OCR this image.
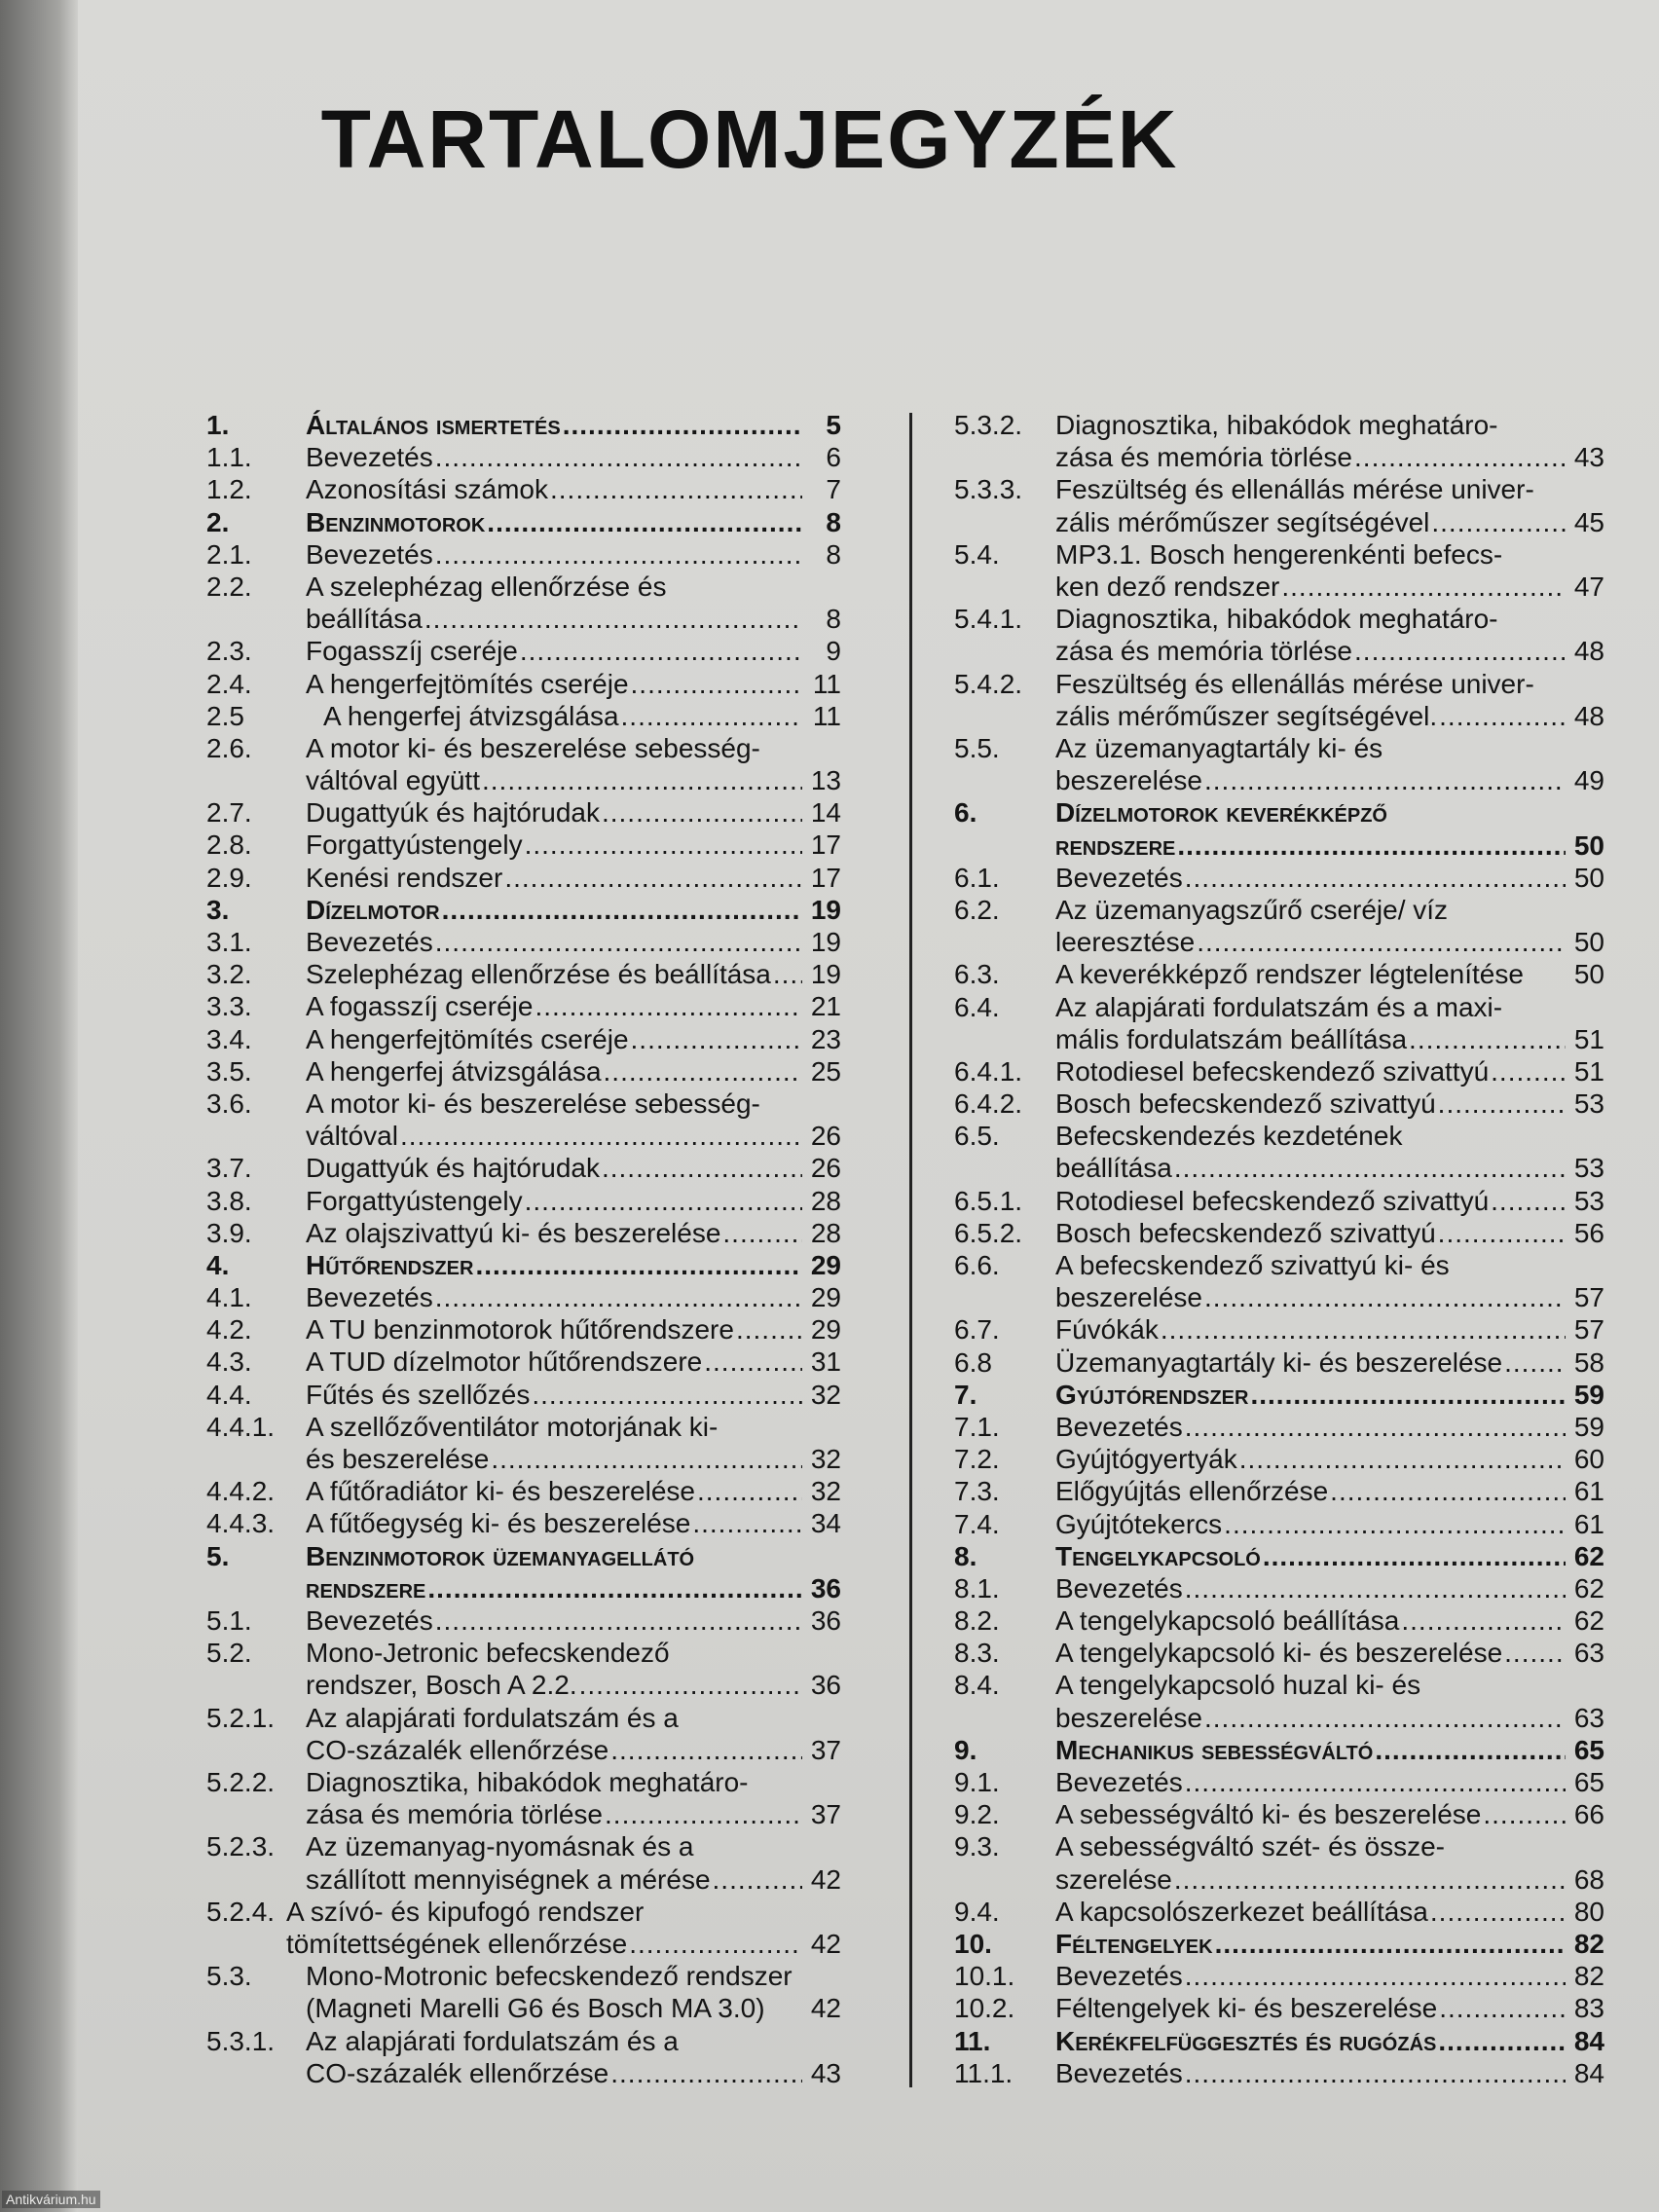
TARTALOMJEGYZÉK
1.	Általános ismertetés .....	5
1.1. Bevezetés .....	6
1.2. Azonosítási számok .....	7
2.	Benzinmotorok .....	8
2.1. Bevezetés .....	8
2.2. A szelephézag ellenőrzése és
beállítása .....	8
2.3. Fogasszíj cseréje .....	9
2.4. A hengerfejtömítés cseréje .....	11
2.5	A hengerfej átvizsgálása .....	11
2.6. A motor ki- és beszerelése sebesség-
váltóval együtt .....	13
2.7. Dugattyúk és hajtórudak .....	14
2.8. Forgattyústengely .....	17
2.9. Kenési rendszer .....	17
3.	Dízelmotor .....	19
3.1. Bevezetés .....	19
3.2. Szelephézag ellenőrzése és beállítása ..... 19
3.3. A fogasszíj cseréje .....	21
3.4. A hengerfejtömítés cseréje .....	23
3.5. A hengerfej átvizsgálása .....	25
3.6. A motor ki- és beszerelése sebesség-
váltóval .....	26
3.7. Dugattyúk és hajtórudak .....	26
3.8. Forgattyústengely .....	28
3.9. Az olajszivattyú ki- és beszerelése .....	28
4.	Hűtőrendszer .....	29
4.1. Bevezetés .....	29
4.2. A TU benzinmotorok hűtőrendszere .....	29
4.3. A TUD dízelmotor hűtőrendszere .....	31
4.4. Fűtés és szellőzés .....	32
4.4.1. A szellőzőventilátor motorjának ki-
és beszerelése .....	32
4.4.2. A fűtőradiátor ki- és beszerelése .....	32
4.4.3. A fűtőegység ki- és beszerelése .....	34
5.	Benzinmotorok üzemanyagellátó
rendszere .....	36
5.1. Bevezetés .....	36
5.2. Mono-Jetronic befecskendező
rendszer, Bosch A 2.2. .....	36
5.2.1. Az alapjárati fordulatszám és a
CO-százalék ellenőrzése .....	37
5.2.2. Diagnosztika, hibakódok meghatáro-
zása és memória törlése .....	37
5.2.3. Az üzemanyag-nyomásnak és a
szállított mennyiségnek a mérése .....	42
5.2.4. A szívó- és kipufogó rendszer
tömítettségének ellenőrzése .....	42
5.3. Mono-Motronic befecskendező rendszer
(Magneti Marelli G6 és Bosch MA 3.0) 42
5.3.1. Az alapjárati fordulatszám és a
CO-százalék ellenőrzése .....	43
5.3.2. Diagnosztika, hibakódok meghatáro-
zása és memória törlése .....	43
5.3.3. Feszültség és ellenállás mérése univer-
zális mérőműszer segítségével .....	45
5.4. MP3.1. Bosch hengerenkénti befecs-
ken dező rendszer .....	47
5.4.1. Diagnosztika, hibakódok meghatáro-
zása és memória törlése .....	48
5.4.2. Feszültség és ellenállás mérése univer-
zális mérőműszer segítségével. .....	48
5.5. Az üzemanyagtartály ki- és
beszerelése .....	49
6.	Dízelmotorok keverékképző
rendszere .....	50
6.1. Bevezetés .....	50
6.2. Az üzemanyagszűrő cseréje/ víz
leeresztése .....	50
6.3. A keverékképző rendszer légtelenítése 50
6.4. Az alapjárati fordulatszám és a maxi-
mális fordulatszám beállítása .....	51
6.4.1. Rotodiesel befecskendező szivattyú .....	51
6.4.2. Bosch befecskendező szivattyú .....	53
6.5. Befecskendezés kezdetének
beállítása .....	53
6.5.1. Rotodiesel befecskendező szivattyú .....	53
6.5.2. Bosch befecskendező szivattyú .....	56
6.6. A befecskendező szivattyú ki- és
beszerelése .....	57
6.7. Fúvókák .....	57
6.8 Üzemanyagtartály ki- és beszerelése .....	58
7.	Gyújtórendszer .....	59
7.1. Bevezetés .....	59
7.2. Gyújtógyertyák .....	60
7.3. Előgyújtás ellenőrzése .....	61
7.4. Gyújtótekercs .....	61
8.	Tengelykapcsoló .....	62
8.1. Bevezetés .....	62
8.2. A tengelykapcsoló beállítása .....	62
8.3. A tengelykapcsoló ki- és beszerelése .....	63
8.4. A tengelykapcsoló huzal ki- és
beszerelése .....	63
9.	Mechanikus sebességváltó .....	65
9.1. Bevezetés .....	65
9.2. A sebességváltó ki- és beszerelése .....	66
9.3. A sebességváltó szét- és össze-
szerelése .....	68
9.4. A kapcsolószerkezet beállítása .....	80
10. Féltengelyek .....	82
10.1. Bevezetés .....	82
10.2. Féltengelyek ki- és beszerelése .....	83
11. Kerékfelfüggesztés és rugózás .....	84
11.1. Bevezetés .....	84
Antikvárium.hu
